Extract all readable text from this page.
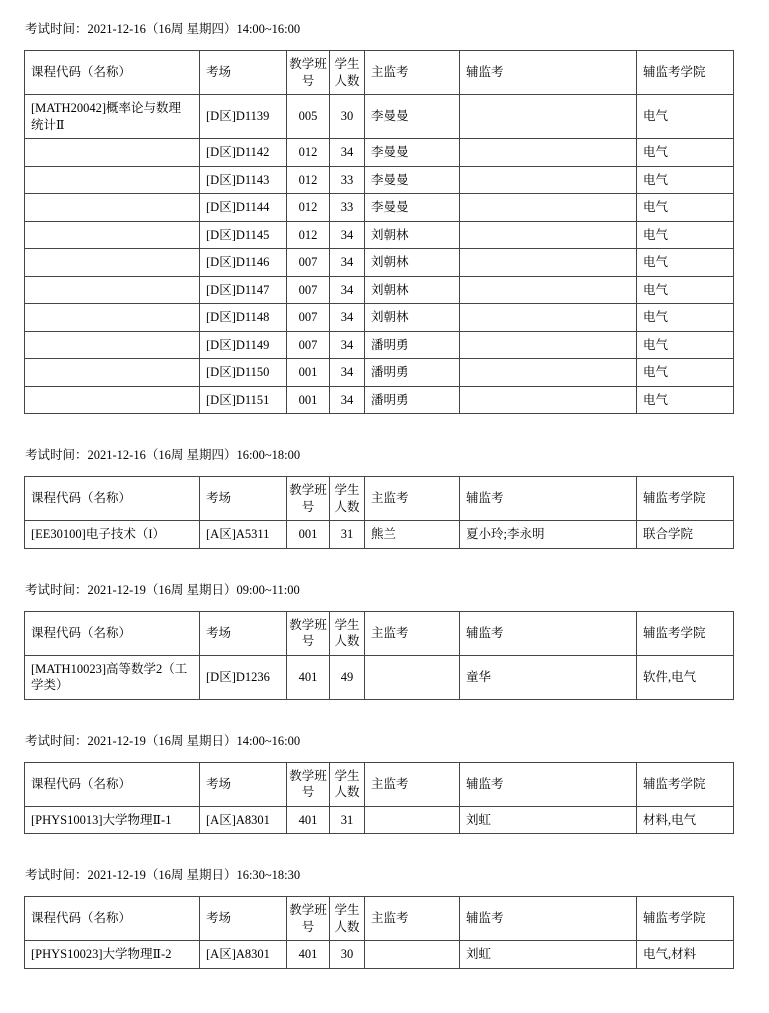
考试时间：2021-12-16（16周 星期四）14:00~16:00

课程代码（名称）	考场	教学班号	学生人数	主监考	辅监考	辅监考学院
[MATH20042]概率论与数理统计Ⅱ	[D区]D1139	005	30	李曼曼		电气
	[D区]D1142	012	34	李曼曼		电气
	[D区]D1143	012	33	李曼曼		电气
	[D区]D1144	012	33	李曼曼		电气
	[D区]D1145	012	34	刘朝林		电气
	[D区]D1146	007	34	刘朝林		电气
	[D区]D1147	007	34	刘朝林		电气
	[D区]D1148	007	34	刘朝林		电气
	[D区]D1149	007	34	潘明勇		电气
	[D区]D1150	001	34	潘明勇		电气
	[D区]D1151	001	34	潘明勇		电气

考试时间：2021-12-16（16周 星期四）16:00~18:00

课程代码（名称）	考场	教学班号	学生人数	主监考	辅监考	辅监考学院
[EE30100]电子技术（I）	[A区]A5311	001	31	熊兰	夏小玲;李永明	联合学院

考试时间：2021-12-19（16周 星期日）09:00~11:00

课程代码（名称）	考场	教学班号	学生人数	主监考	辅监考	辅监考学院
[MATH10023]高等数学2（工学类）	[D区]D1236	401	49		童华	软件,电气

考试时间：2021-12-19（16周 星期日）14:00~16:00

课程代码（名称）	考场	教学班号	学生人数	主监考	辅监考	辅监考学院
[PHYS10013]大学物理Ⅱ-1	[A区]A8301	401	31		刘虹	材料,电气

考试时间：2021-12-19（16周 星期日）16:30~18:30

课程代码（名称）	考场	教学班号	学生人数	主监考	辅监考	辅监考学院
[PHYS10023]大学物理Ⅱ-2	[A区]A8301	401	30		刘虹	电气,材料
